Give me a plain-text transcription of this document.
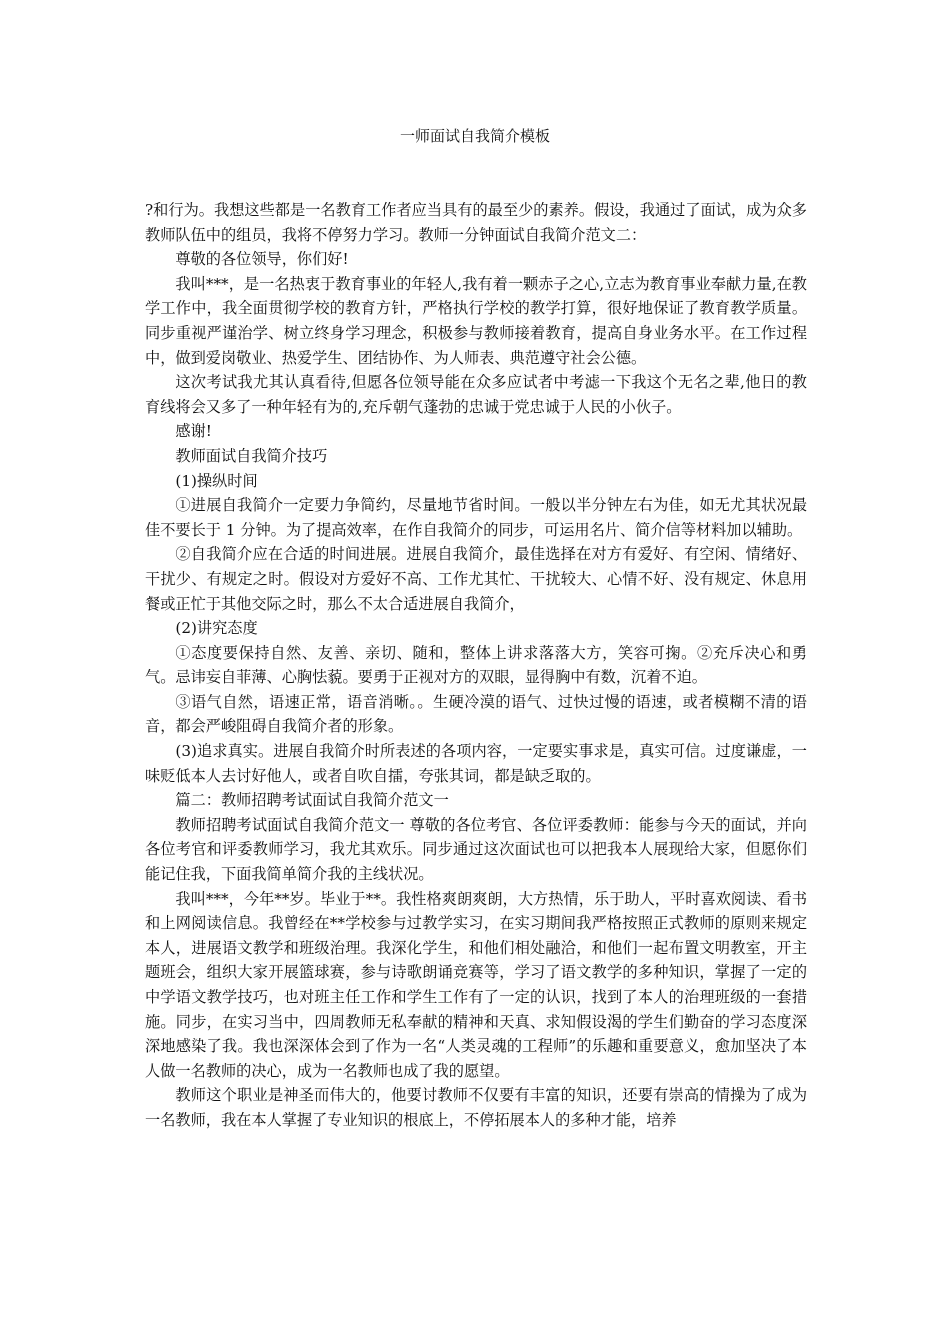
一师面试自我简介模板

?和行为。我想这些都是一名教育工作者应当具有的最至少的素养。假设，我通过了面试，成为众多教师队伍中的组员，我将不停努力学习。教师一分钟面试自我简介范文二：

尊敬的各位领导，你们好!

我叫***，是一名热衷于教育事业的年轻人,我有着一颗赤子之心,立志为教育事业奉献力量,在教学工作中，我全面贯彻学校的教育方针，严格执行学校的教学打算，很好地保证了教育教学质量。同步重视严谨治学、树立终身学习理念，积极参与教师接着教育，提高自身业务水平。在工作过程中，做到爱岗敬业、热爱学生、团结协作、为人师表、典范遵守社会公德。

这次考试我尤其认真看待,但愿各位领导能在众多应试者中考滤一下我这个无名之辈,他日的教育线将会又多了一种年轻有为的,充斥朝气蓬勃的忠诚于党忠诚于人民的小伙子。

感谢!

教师面试自我简介技巧

(1)操纵时间

①进展自我简介一定要力争简约，尽量地节省时间。一般以半分钟左右为佳，如无尤其状况最佳不要长于 1 分钟。为了提高效率，在作自我简介的同步，可运用名片、简介信等材料加以辅助。

②自我简介应在合适的时间进展。进展自我简介，最佳选择在对方有爱好、有空闲、情绪好、干扰少、有规定之时。假设对方爱好不高、工作尤其忙、干扰较大、心情不好、没有规定、休息用餐或正忙于其他交际之时，那么不太合适进展自我简介，

(2)讲究态度

①态度要保持自然、友善、亲切、随和，整体上讲求落落大方，笑容可掬。②充斥决心和勇气。忌讳妄自菲薄、心胸怯藐。要勇于正视对方的双眼，显得胸中有数，沉着不迫。

③语气自然，语速正常，语音消晰。。生硬冷漠的语气、过快过慢的语速，或者模糊不清的语音，都会严峻阻碍自我简介者的形象。

(3)追求真实。进展自我简介时所表述的各项内容，一定要实事求是，真实可信。过度谦虚，一味贬低本人去讨好他人，或者自吹自擂，夸张其词，都是缺乏取的。

篇二：教师招聘考试面试自我简介范文一

教师招聘考试面试自我简介范文一 尊敬的各位考官、各位评委教师：能参与今天的面试，并向各位考官和评委教师学习，我尤其欢乐。同步通过这次面试也可以把我本人展现给大家，但愿你们能记住我，下面我简单简介我的主线状况。

我叫***，今年**岁。毕业于**。我性格爽朗爽朗，大方热情，乐于助人，平时喜欢阅读、看书和上网阅读信息。我曾经在**学校参与过教学实习，在实习期间我严格按照正式教师的原则来规定本人，进展语文教学和班级治理。我深化学生，和他们相处融洽，和他们一起布置文明教室，开主题班会，组织大家开展篮球赛，参与诗歌朗诵竞赛等，学习了语文教学的多种知识，掌握了一定的中学语文教学技巧，也对班主任工作和学生工作有了一定的认识，找到了本人的治理班级的一套措施。同步，在实习当中，四周教师无私奉献的精神和天真、求知假设渴的学生们勤奋的学习态度深深地感染了我。我也深深体会到了作为一名“人类灵魂的工程师”的乐趣和重要意义，愈加坚决了本人做一名教师的决心，成为一名教师也成了我的愿望。

教师这个职业是神圣而伟大的，他要讨教师不仅要有丰富的知识，还要有崇高的情操为了成为一名教师，我在本人掌握了专业知识的根底上，不停拓展本人的多种才能，培养
